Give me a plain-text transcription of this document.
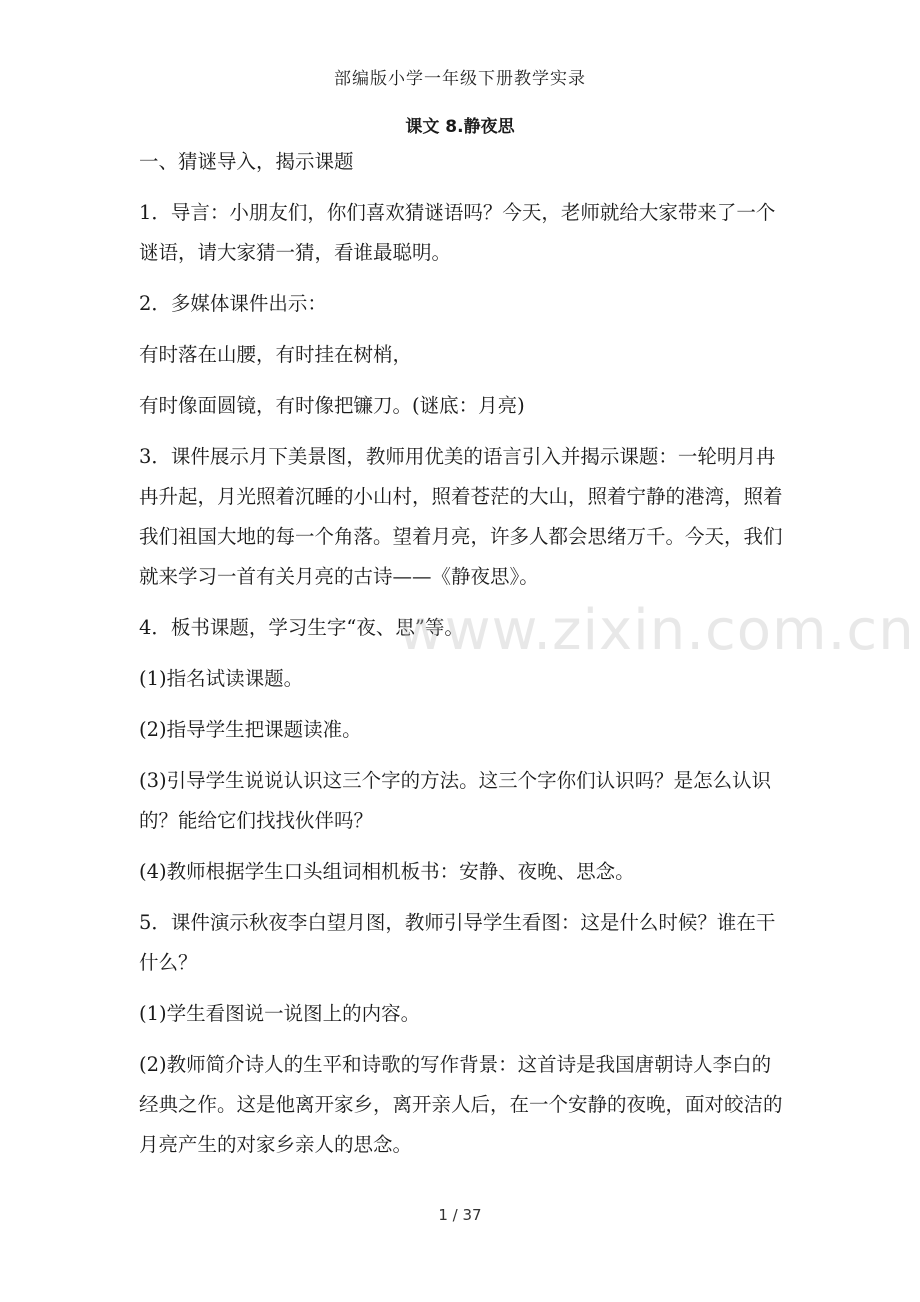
部编版小学一年级下册教学实录
课文 8.静夜思

一、猜谜导入，揭示课题

1．导言：小朋友们，你们喜欢猜谜语吗？今天，老师就给大家带来了一个谜语，请大家猜一猜，看谁最聪明。

2．多媒体课件出示：

有时落在山腰，有时挂在树梢，

有时像面圆镜，有时像把镰刀。(谜底：月亮)

3．课件展示月下美景图，教师用优美的语言引入并揭示课题：一轮明月冉冉升起，月光照着沉睡的小山村，照着苍茫的大山，照着宁静的港湾，照着我们祖国大地的每一个角落。望着月亮，许多人都会思绪万千。今天，我们就来学习一首有关月亮的古诗——《静夜思》。

4．板书课题，学习生字“夜、思”等。

(1)指名试读课题。

(2)指导学生把课题读准。

(3)引导学生说说认识这三个字的方法。这三个字你们认识吗？是怎么认识的？能给它们找找伙伴吗？

(4)教师根据学生口头组词相机板书：安静、夜晚、思念。

5．课件演示秋夜李白望月图，教师引导学生看图：这是什么时候？谁在干什么？

(1)学生看图说一说图上的内容。

(2)教师简介诗人的生平和诗歌的写作背景：这首诗是我国唐朝诗人李白的经典之作。这是他离开家乡，离开亲人后，在一个安静的夜晚，面对皎洁的月亮产生的对家乡亲人的思念。

www.zixin.com.cn
1 / 37
